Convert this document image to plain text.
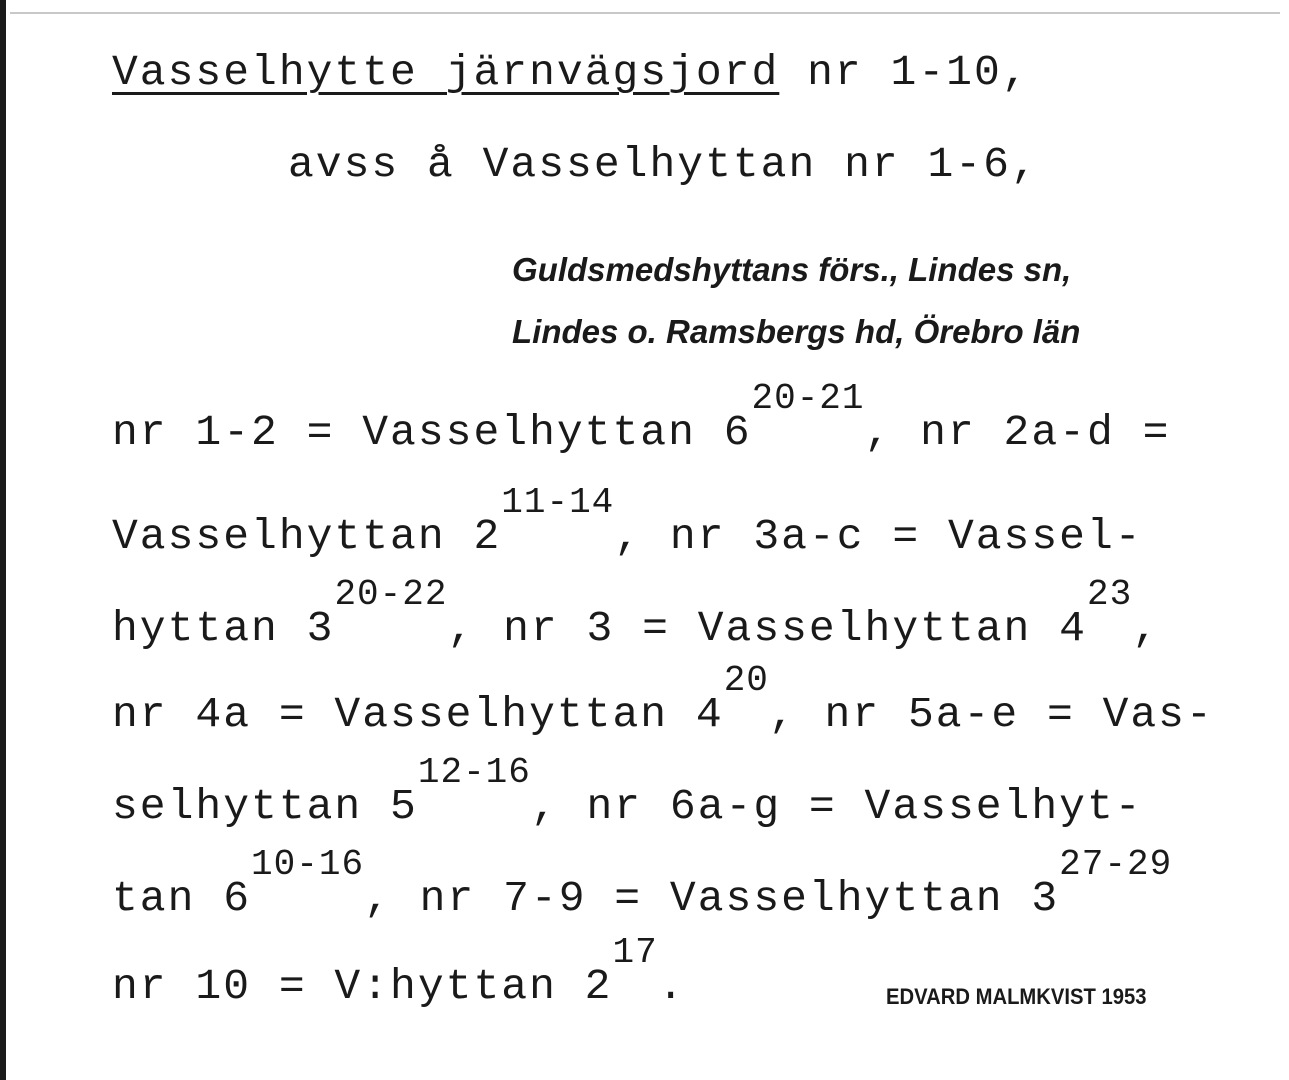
Vasselhytte järnvägsjord nr 1-10,
avss å Vasselhyttan nr 1-6,
Guldsmedshyttans förs., Lindes sn,
Lindes o. Ramsbergs hd, Örebro län
nr 1-2 = Vasselhyttan 6$^{20-21}$, nr 2a-d =
Vasselhyttan 2$^{11-14}$, nr 3a-c = Vassel-
hyttan 3$^{20-22}$, nr 3 = Vasselhyttan $4^{23}$,
nr 4a = Vasselhyttan $4^{20}$, nr 5a-e = Vas-
selhyttan 5$^{12-16}$, nr 6a-g = Vasselhyt-
tan 6$^{10-16}$, nr 7-9 = Vasselhyttan 3$^{27-29}$
nr 10 = V:hyttan $2^{17}$.	EDVARD MALMKVIST 1953
